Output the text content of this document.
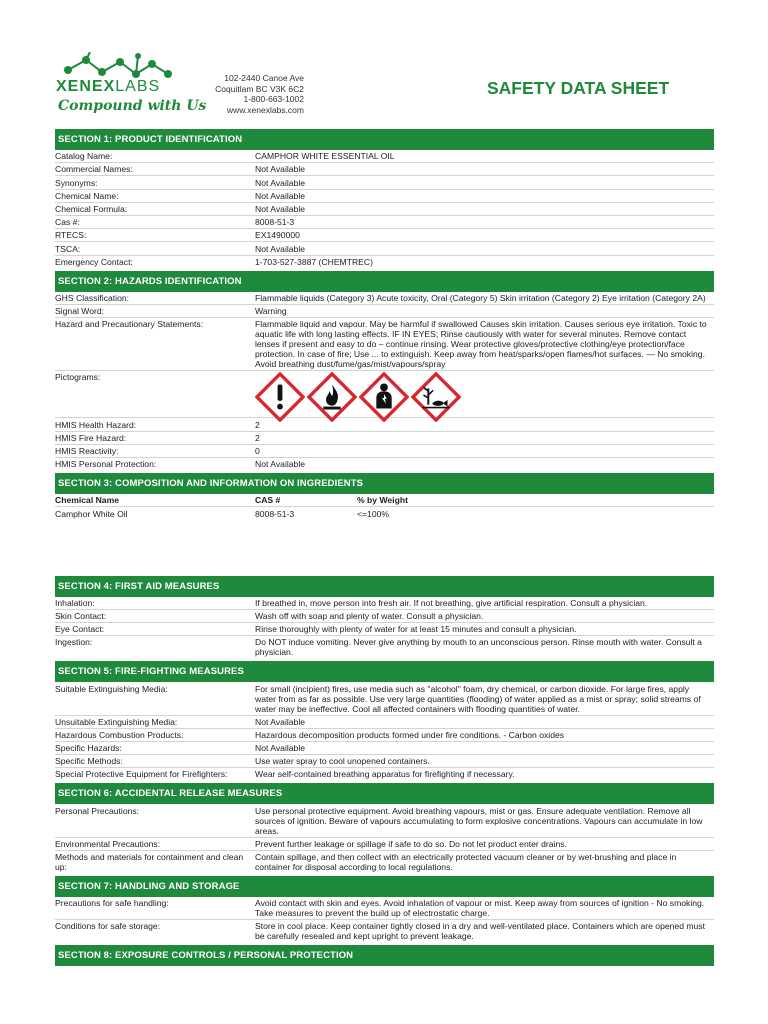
XENEXLABS
Compound with Us
102-2440 Canoe Ave
Coquitlam BC V3K 6C2
1-800-663-1002
www.xenexlabs.com
SAFETY DATA SHEET
SECTION 1: PRODUCT IDENTIFICATION
Catalog Name:	CAMPHOR WHITE ESSENTIAL OIL
Commercial Names:	Not Available
Synonyms:	Not Available
Chemical Name:	Not Available
Chemical Formula:	Not Available
Cas #:	8008-51-3
RTECS:	EX1490000
TSCA:	Not Available
Emergency Contact:	1-703-527-3887 (CHEMTREC)
SECTION 2: HAZARDS IDENTIFICATION
GHS Classification:	Flammable liquids (Category 3) Acute toxicity, Oral (Category 5) Skin irritation (Category 2) Eye irritation (Category 2A)
Signal Word:	Warning
Hazard and Precautionary Statements:	Flammable liquid and vapour. May be harmful if swallowed Causes skin irritation. Causes serious eye irritation. Toxic to aquatic life with long lasting effects. IF IN EYES; Rinse cautiously with water for several minutes. Remove contact lenses if present and easy to do – continue rinsing. Wear protective gloves/protective clothing/eye protection/face protection. In case of fire; Use ... to extinguish. Keep away from heat/sparks/open flames/hot surfaces. — No smoking. Avoid breathing dust/fume/gas/mist/vapours/spray
Pictograms:
HMIS Health Hazard:	2
HMIS Fire Hazard:	2
HMIS Reactivity:	0
HMIS Personal Protection:	Not Available
SECTION 3: COMPOSITION AND INFORMATION ON INGREDIENTS
Chemical Name	CAS #	% by Weight
Camphor White Oil	8008-51-3	<=100%
SECTION 4: FIRST AID MEASURES
Inhalation:	If breathed in, move person into fresh air. If not breathing, give artificial respiration. Consult a physician.
Skin Contact:	Wash off with soap and plenty of water. Consult a physician.
Eye Contact:	Rinse thoroughly with plenty of water for at least 15 minutes and consult a physician.
Ingestion:	Do NOT induce vomiting. Never give anything by mouth to an unconscious person. Rinse mouth with water. Consult a physician.
SECTION 5: FIRE-FIGHTING MEASURES
Suitable Extinguishing Media:	For small (incipient) fires, use media such as "alcohol" foam, dry chemical, or carbon dioxide. For large fires, apply water from as far as possible. Use very large quantities (flooding) of water applied as a mist or spray; solid streams of water may be ineffective. Cool all affected containers with flooding quantities of water.
Unsuitable Extinguishing Media:	Not Available
Hazardous Combustion Products:	Hazardous decomposition products formed under fire conditions. - Carbon oxides
Specific Hazards:	Not Available
Specific Methods:	Use water spray to cool unopened containers.
Special Protective Equipment for Firefighters:	Wear self-contained breathing apparatus for firefighting if necessary.
SECTION 6: ACCIDENTAL RELEASE MEASURES
Personal Precautions:	Use personal protective equipment. Avoid breathing vapours, mist or gas. Ensure adequate ventilation. Remove all sources of ignition. Beware of vapours accumulating to form explosive concentrations. Vapours can accumulate in low areas.
Environmental Precautions:	Prevent further leakage or spillage if safe to do so. Do not let product enter drains.
Methods and materials for containment and clean up:
Contain spillage, and then collect with an electrically protected vacuum cleaner or by wet-brushing and place in container for disposal according to local regulations.
SECTION 7: HANDLING AND STORAGE
Precautions for safe handling:	Avoid contact with skin and eyes. Avoid inhalation of vapour or mist. Keep away from sources of ignition - No smoking. Take measures to prevent the build up of electrostatic charge.
Conditions for safe storage:	Store in cool place. Keep container tightly closed in a dry and well-ventilated place. Containers which are opened must be carefully resealed and kept upright to prevent leakage.
SECTION 8: EXPOSURE CONTROLS / PERSONAL PROTECTION
